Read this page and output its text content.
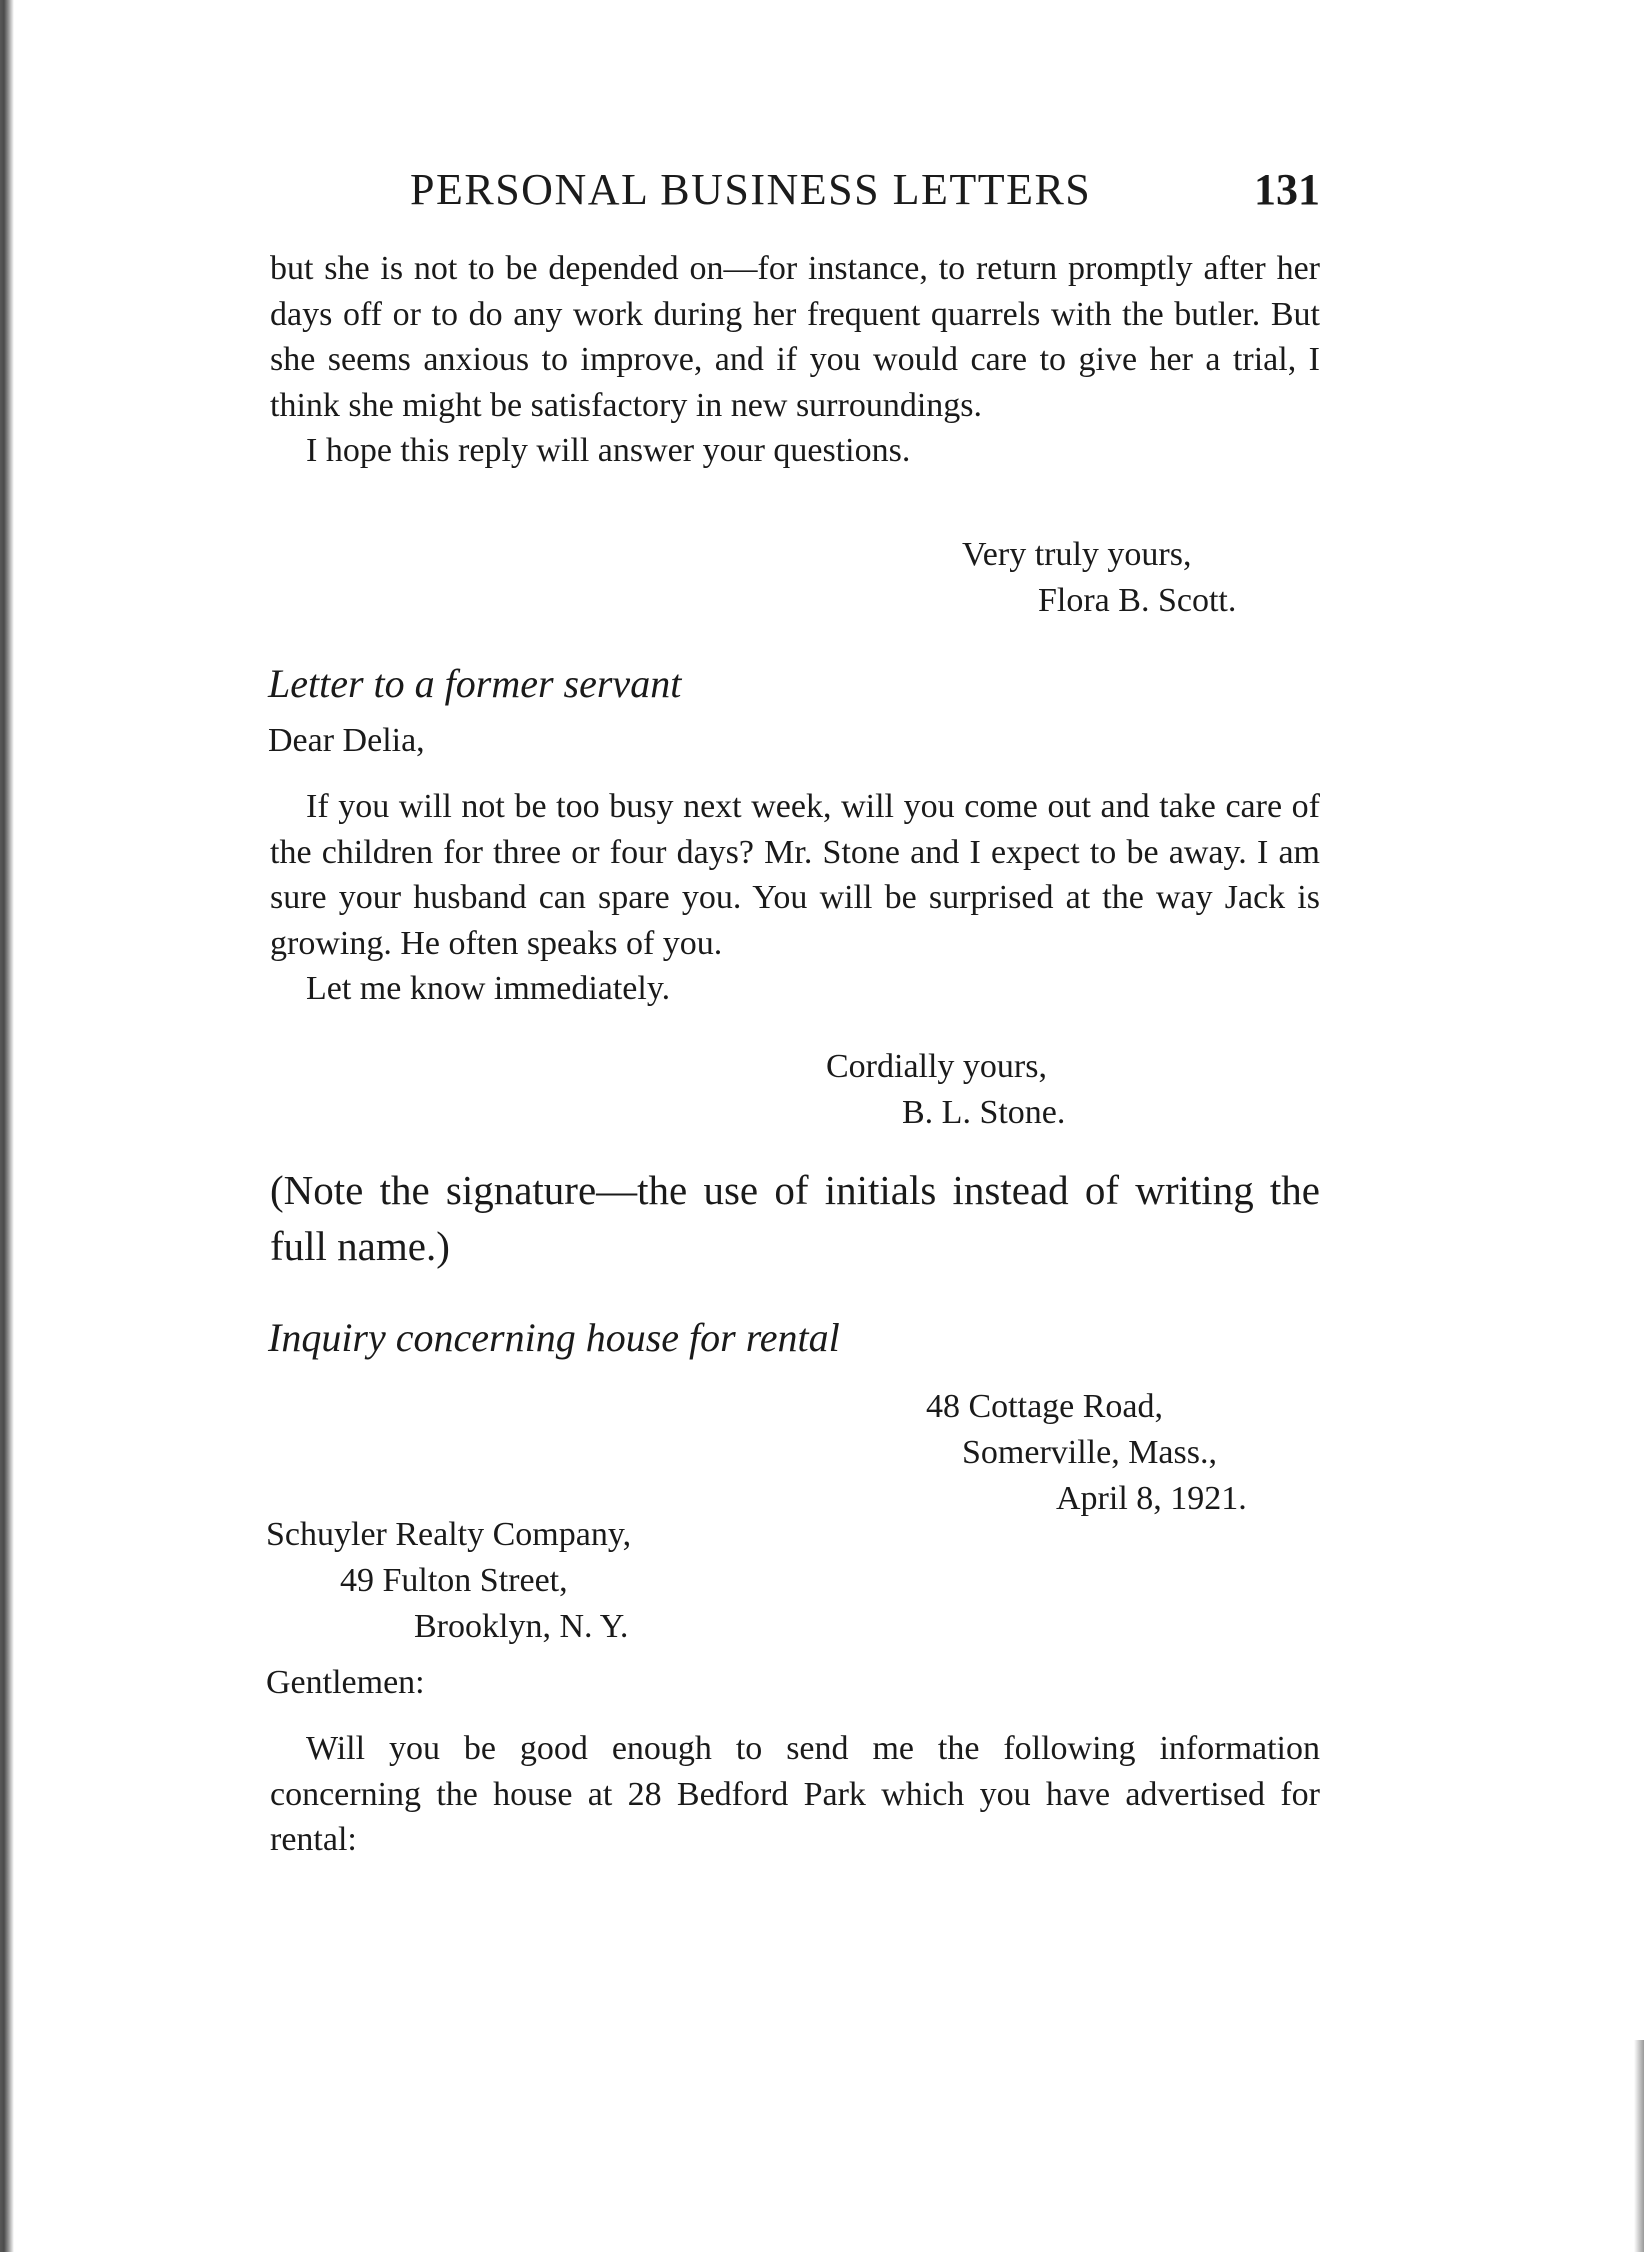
PERSONAL BUSINESS LETTERS	131

but she is not to be depended on—for instance, to return promptly after her days off or to do any work during her frequent quarrels with the butler. But she seems anxious to improve, and if you would care to give her a trial, I think she might be satisfactory in new surroundings.

I hope this reply will answer your questions.

Very truly yours,
Flora B. Scott.
Letter to a former servant
Dear Delia,

If you will not be too busy next week, will you come out and take care of the children for three or four days? Mr. Stone and I expect to be away. I am sure your husband can spare you. You will be surprised at the way Jack is growing. He often speaks of you.

Let me know immediately.

Cordially yours,
B. L. Stone.

(Note the signature—the use of initials instead of writing the full name.)

Inquiry concerning house for rental
48 Cottage Road,
Somerville, Mass.,
April 8, 1921.
Schuyler Realty Company,
49 Fulton Street,
Brooklyn, N. Y.
Gentlemen:

Will you be good enough to send me the following information concerning the house at 28 Bedford Park which you have advertised for rental:
